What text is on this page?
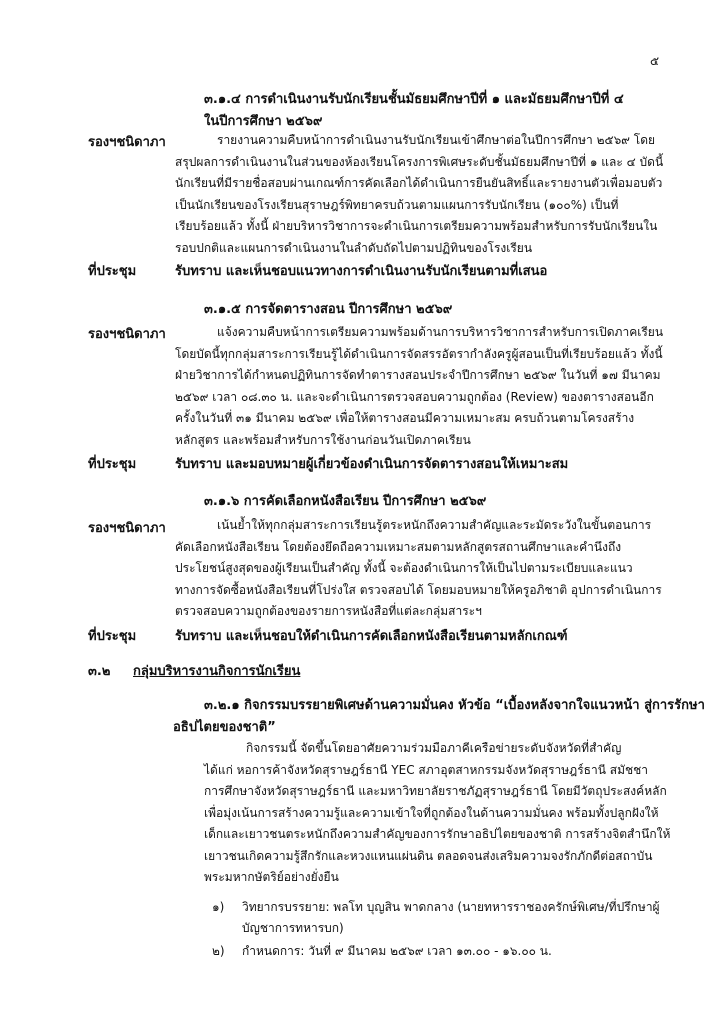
๕
๓.๑.๔ การดำเนินงานรับนักเรียนชั้นมัธยมศึกษาปีที่ ๑ และมัธยมศึกษาปีที่ ๔
ในปีการศึกษา ๒๕๖๙
รองฯชนิดาภา	รายงานความคืบหน้าการดำเนินงานรับนักเรียนเข้าศึกษาต่อในปีการศึกษา ๒๕๖๙ โดย

สรุปผลการดำเนินงานในส่วนของห้องเรียนโครงการพิเศษระดับชั้นมัธยมศึกษาปีที่ ๑ และ ๔ บัดนี้

นักเรียนที่มีรายชื่อสอบผ่านเกณฑ์การคัดเลือกได้ดำเนินการยืนยันสิทธิ์และรายงานตัวเพื่อมอบตัว

เป็นนักเรียนของโรงเรียนสุราษฎร์พิทยาครบถ้วนตามแผนการรับนักเรียน (๑๐๐%) เป็นที่

เรียบร้อยแล้ว ทั้งนี้ ฝ่ายบริหารวิชาการจะดำเนินการเตรียมความพร้อมสำหรับการรับนักเรียนใน

รอบปกติและแผนการดำเนินงานในลำดับถัดไปตามปฏิทินของโรงเรียน

ที่ประชุม	รับทราบ และเห็นชอบแนวทางการดำเนินงานรับนักเรียนตามที่เสนอ
๓.๑.๕ การจัดตารางสอน ปีการศึกษา ๒๕๖๙
รองฯชนิดาภา	แจ้งความคืบหน้าการเตรียมความพร้อมด้านการบริหารวิชาการสำหรับการเปิดภาคเรียน

โดยบัดนี้ทุกกลุ่มสาระการเรียนรู้ได้ดำเนินการจัดสรรอัตรากำลังครูผู้สอนเป็นที่เรียบร้อยแล้ว ทั้งนี้

ฝ่ายวิชาการได้กำหนดปฏิทินการจัดทำตารางสอนประจำปีการศึกษา ๒๕๖๙ ในวันที่ ๑๗ มีนาคม

๒๕๖๙ เวลา ๐๘.๓๐ น. และจะดำเนินการตรวจสอบความถูกต้อง (Review) ของตารางสอนอีก

ครั้งในวันที่ ๓๑ มีนาคม ๒๕๖๙ เพื่อให้ตารางสอนมีความเหมาะสม ครบถ้วนตามโครงสร้าง

หลักสูตร และพร้อมสำหรับการใช้งานก่อนวันเปิดภาคเรียน

ที่ประชุม	รับทราบ และมอบหมายผู้เกี่ยวข้องดำเนินการจัดตารางสอนให้เหมาะสม
๓.๑.๖ การคัดเลือกหนังสือเรียน ปีการศึกษา ๒๕๖๙
รองฯชนิดาภา	เน้นย้ำให้ทุกกลุ่มสาระการเรียนรู้ตระหนักถึงความสำคัญและระมัดระวังในขั้นตอนการ

คัดเลือกหนังสือเรียน โดยต้องยึดถือความเหมาะสมตามหลักสูตรสถานศึกษาและคำนึงถึง

ประโยชน์สูงสุดของผู้เรียนเป็นสำคัญ ทั้งนี้ จะต้องดำเนินการให้เป็นไปตามระเบียบและแนว

ทางการจัดซื้อหนังสือเรียนที่โปร่งใส ตรวจสอบได้ โดยมอบหมายให้ครูอภิชาติ อุปการดำเนินการ

ตรวจสอบความถูกต้องของรายการหนังสือที่แต่ละกลุ่มสาระฯ

ที่ประชุม	รับทราบ และเห็นชอบให้ดำเนินการคัดเลือกหนังสือเรียนตามหลักเกณฑ์
๓.๒ กลุ่มบริหารงานกิจการนักเรียน
๓.๒.๑ กิจกรรมบรรยายพิเศษด้านความมั่นคง หัวข้อ “เบื้องหลังจากใจแนวหน้า สู่การรักษา
อธิปไตยของชาติ”

กิจกรรมนี้ จัดขึ้นโดยอาศัยความร่วมมือภาคีเครือข่ายระดับจังหวัดที่สำคัญ

ได้แก่ หอการค้าจังหวัดสุราษฎร์ธานี YEC สภาอุตสาหกรรมจังหวัดสุราษฎร์ธานี สมัชชา

การศึกษาจังหวัดสุราษฎร์ธานี และมหาวิทยาลัยราชภัฏสุราษฎร์ธานี โดยมีวัตถุประสงค์หลัก

เพื่อมุ่งเน้นการสร้างความรู้และความเข้าใจที่ถูกต้องในด้านความมั่นคง พร้อมทั้งปลูกฝังให้

เด็กและเยาวชนตระหนักถึงความสำคัญของการรักษาอธิปไตยของชาติ การสร้างจิตสำนึกให้

เยาวชนเกิดความรู้สึกรักและหวงแหนแผ่นดิน ตลอดจนส่งเสริมความจงรักภักดีต่อสถาบัน

พระมหากษัตริย์อย่างยั่งยืน

๑) วิทยากรบรรยาย: พลโท บุญสิน พาดกลาง (นายทหารราชองครักษ์พิเศษ/ที่ปรึกษาผู้
บัญชาการทหารบก)
๒) กำหนดการ: วันที่ ๙ มีนาคม ๒๕๖๙ เวลา ๑๓.๐๐ - ๑๖.๐๐ น.
